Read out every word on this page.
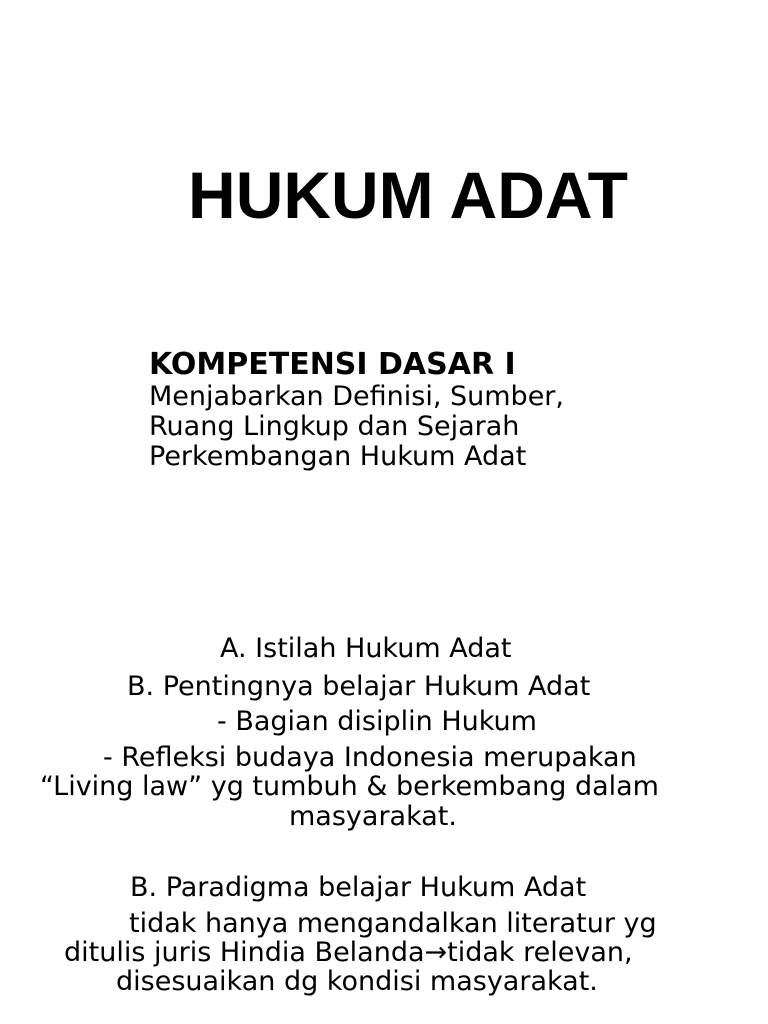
HUKUM ADAT

KOMPETENSI DASAR I

Menjabarkan Definisi, Sumber,
Ruang Lingkup dan Sejarah
Perkembangan Hukum Adat

A. Istilah Hukum Adat
B. Pentingnya belajar Hukum Adat
- Bagian disiplin Hukum
- Refleksi budaya Indonesia merupakan
“Living law” yg tumbuh & berkembang dalam
masyarakat.
B. Paradigma belajar Hukum Adat
tidak hanya mengandalkan literatur yg
ditulis juris Hindia Belanda→tidak relevan,
disesuaikan dg kondisi masyarakat.
